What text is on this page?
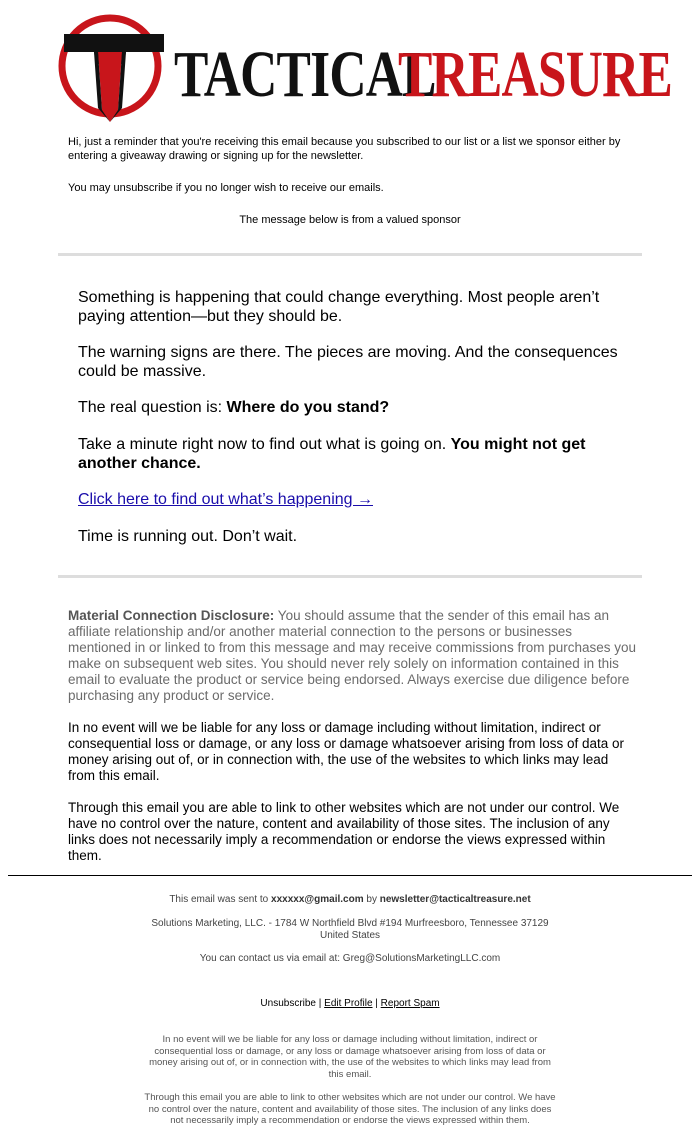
TACTICAL
TREASURE
Hi, just a reminder that you're receiving this email because you subscribed to our list or a list we sponsor either by entering a giveaway drawing or signing up for the newsletter.
You may unsubscribe if you no longer wish to receive our emails.
The message below is from a valued sponsor

Something is happening that could change everything. Most people aren’t paying attention—but they should be.

The warning signs are there. The pieces are moving. And the consequences could be massive.

The real question is: Where do you stand?

Take a minute right now to find out what is going on. You might not get another chance.

Click here to find out what’s happening →

Time is running out. Don’t wait.

Material Connection Disclosure: You should assume that the sender of this email has an affiliate relationship and/or another material connection to the persons or businesses mentioned in or linked to from this message and may receive commissions from purchases you make on subsequent web sites. You should never rely solely on information contained in this email to evaluate the product or service being endorsed. Always exercise due diligence before purchasing any product or service.
In no event will we be liable for any loss or damage including without limitation, indirect or consequential loss or damage, or any loss or damage whatsoever arising from loss of data or money arising out of, or in connection with, the use of the websites to which links may lead from this email.
Through this email you are able to link to other websites which are not under our control. We have no control over the nature, content and availability of those sites. The inclusion of any links does not necessarily imply a recommendation or endorse the views expressed within them.
This email was sent to xxxxxx@gmail.com by newsletter@tacticaltreasure.net
Solutions Marketing, LLC. - 1784 W Northfield Blvd #194 Murfreesboro, Tennessee 37129 United States
You can contact us via email at: Greg@SolutionsMarketingLLC.com
Unsubscribe | Edit Profile | Report Spam
In no event will we be liable for any loss or damage including without limitation, indirect or consequential loss or damage, or any loss or damage whatsoever arising from loss of data or money arising out of, or in connection with, the use of the websites to which links may lead from this email.
Through this email you are able to link to other websites which are not under our control. We have no control over the nature, content and availability of those sites. The inclusion of any links does not necessarily imply a recommendation or endorse the views expressed within them.
